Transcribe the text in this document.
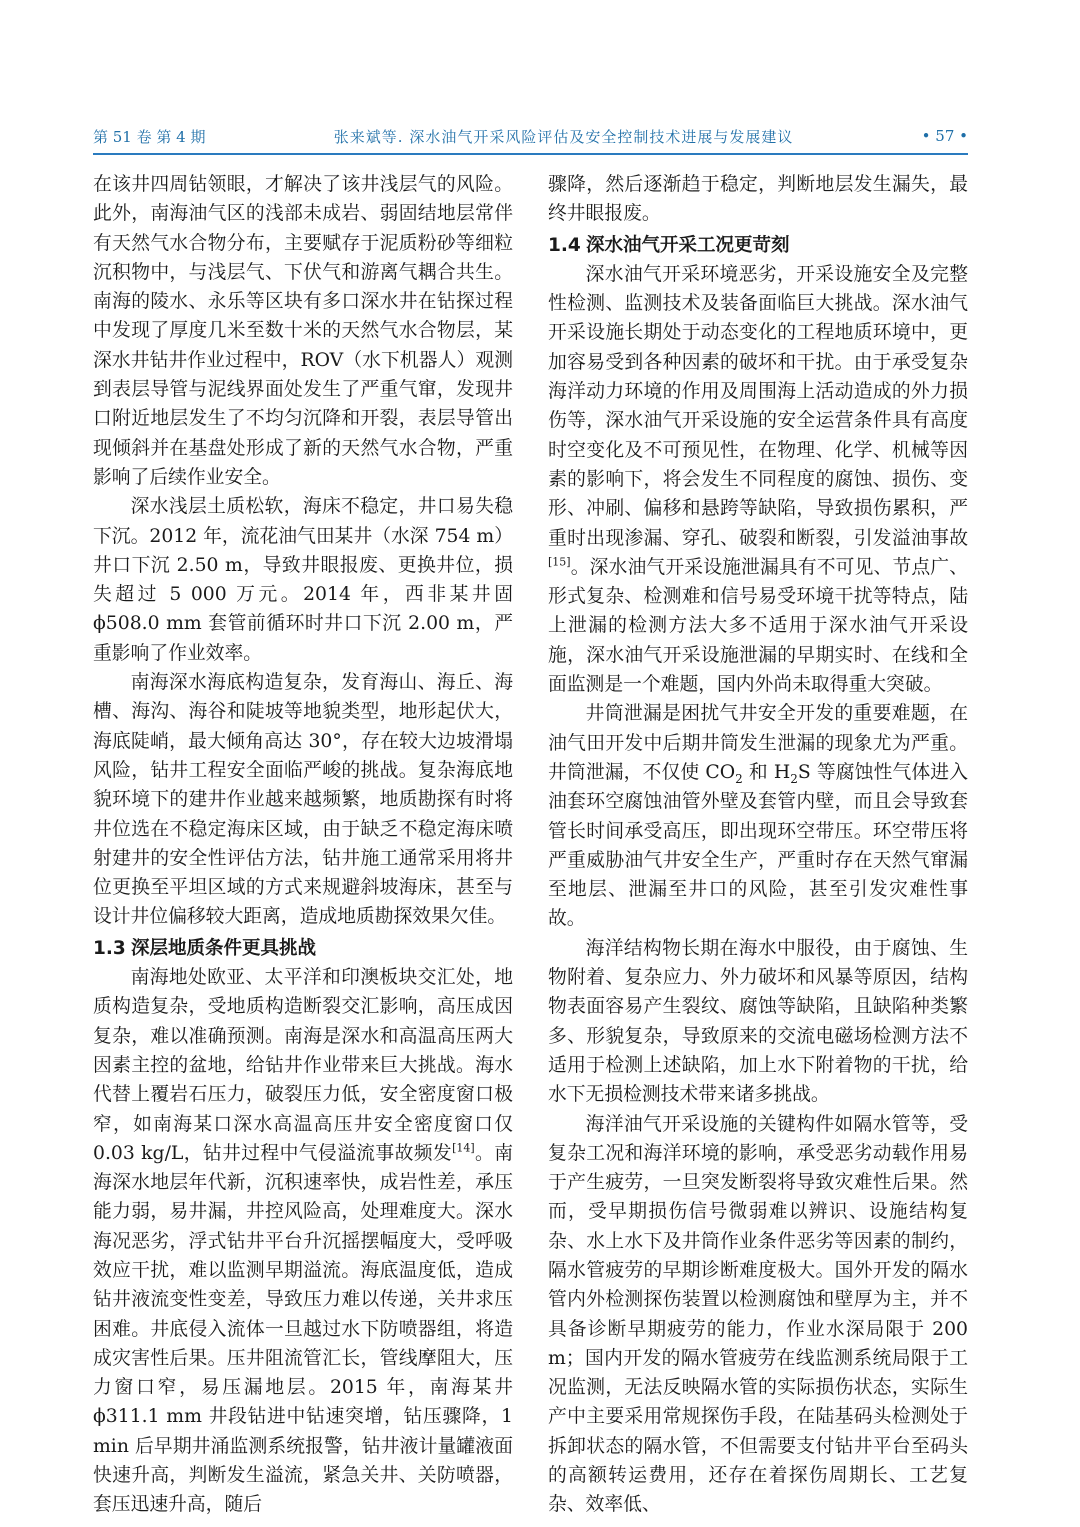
第 51 卷 第 4 期	张来斌等. 深水油气开采风险评估及安全控制技术进展与发展建议	• 57 •

在该井四周钻领眼，才解决了该井浅层气的风险。此外，南海油气区的浅部未成岩、弱固结地层常伴有天然气水合物分布，主要赋存于泥质粉砂等细粒沉积物中，与浅层气、下伏气和游离气耦合共生。南海的陵水、永乐等区块有多口深水井在钻探过程中发现了厚度几米至数十米的天然气水合物层，某深水井钻井作业过程中，ROV（水下机器人）观测到表层导管与泥线界面处发生了严重气窜，发现井口附近地层发生了不均匀沉降和开裂，表层导管出现倾斜并在基盘处形成了新的天然气水合物，严重影响了后续作业安全。

深水浅层土质松软，海床不稳定，井口易失稳下沉。2012 年，流花油气田某井（水深 754 m）井口下沉 2.50 m，导致井眼报废、更换井位，损失超过 5 000 万元。2014 年，西非某井固 ϕ508.0 mm 套管前循环时井口下沉 2.00 m，严重影响了作业效率。

南海深水海底构造复杂，发育海山、海丘、海槽、海沟、海谷和陡坡等地貌类型，地形起伏大，海底陡峭，最大倾角高达 30°，存在较大边坡滑塌风险，钻井工程安全面临严峻的挑战。复杂海底地貌环境下的建井作业越来越频繁，地质勘探有时将井位选在不稳定海床区域，由于缺乏不稳定海床喷射建井的安全性评估方法，钻井施工通常采用将井位更换至平坦区域的方式来规避斜坡海床，甚至与设计井位偏移较大距离，造成地质勘探效果欠佳。

1.3 深层地质条件更具挑战

南海地处欧亚、太平洋和印澳板块交汇处，地质构造复杂，受地质构造断裂交汇影响，高压成因复杂，难以准确预测。南海是深水和高温高压两大因素主控的盆地，给钻井作业带来巨大挑战。海水代替上覆岩石压力，破裂压力低，安全密度窗口极窄，如南海某口深水高温高压井安全密度窗口仅 0.03 kg/L，钻井过程中气侵溢流事故频发[14]。南海深水地层年代新，沉积速率快，成岩性差，承压能力弱，易井漏，井控风险高，处理难度大。深水海况恶劣，浮式钻井平台升沉摇摆幅度大，受呼吸效应干扰，难以监测早期溢流。海底温度低，造成钻井液流变性变差，导致压力难以传递，关井求压困难。井底侵入流体一旦越过水下防喷器组，将造成灾害性后果。压井阻流管汇长，管线摩阻大，压力窗口窄，易压漏地层。2015 年，南海某井 ϕ311.1 mm 井段钻进中钻速突增，钻压骤降，1 min 后早期井涌监测系统报警，钻井液计量罐液面快速升高，判断发生溢流，紧急关井、关防喷器，套压迅速升高，随后

骤降，然后逐渐趋于稳定，判断地层发生漏失，最终井眼报废。

1.4 深水油气开采工况更苛刻

深水油气开采环境恶劣，开采设施安全及完整性检测、监测技术及装备面临巨大挑战。深水油气开采设施长期处于动态变化的工程地质环境中，更加容易受到各种因素的破坏和干扰。由于承受复杂海洋动力环境的作用及周围海上活动造成的外力损伤等，深水油气开采设施的安全运营条件具有高度时空变化及不可预见性，在物理、化学、机械等因素的影响下，将会发生不同程度的腐蚀、损伤、变形、冲刷、偏移和悬跨等缺陷，导致损伤累积，严重时出现渗漏、穿孔、破裂和断裂，引发溢油事故[15]。深水油气开采设施泄漏具有不可见、节点广、形式复杂、检测难和信号易受环境干扰等特点，陆上泄漏的检测方法大多不适用于深水油气开采设施，深水油气开采设施泄漏的早期实时、在线和全面监测是一个难题，国内外尚未取得重大突破。

井筒泄漏是困扰气井安全开发的重要难题，在油气田开发中后期井筒发生泄漏的现象尤为严重。井筒泄漏，不仅使 $CO_2$ 和 $H_2S$ 等腐蚀性气体进入油套环空腐蚀油管外壁及套管内壁，而且会导致套管长时间承受高压，即出现环空带压。环空带压将严重威胁油气井安全生产，严重时存在天然气窜漏至地层、泄漏至井口的风险，甚至引发灾难性事故。

海洋结构物长期在海水中服役，由于腐蚀、生物附着、复杂应力、外力破坏和风暴等原因，结构物表面容易产生裂纹、腐蚀等缺陷，且缺陷种类繁多、形貌复杂，导致原来的交流电磁场检测方法不适用于检测上述缺陷，加上水下附着物的干扰，给水下无损检测技术带来诸多挑战。

海洋油气开采设施的关键构件如隔水管等，受复杂工况和海洋环境的影响，承受恶劣动载作用易于产生疲劳，一旦突发断裂将导致灾难性后果。然而，受早期损伤信号微弱难以辨识、设施结构复杂、水上水下及井筒作业条件恶劣等因素的制约，隔水管疲劳的早期诊断难度极大。国外开发的隔水管内外检测探伤装置以检测腐蚀和壁厚为主，并不具备诊断早期疲劳的能力，作业水深局限于 200 m；国内开发的隔水管疲劳在线监测系统局限于工况监测，无法反映隔水管的实际损伤状态，实际生产中主要采用常规探伤手段，在陆基码头检测处于拆卸状态的隔水管，不但需要支付钻井平台至码头的高额转运费用，还存在着探伤周期长、工艺复杂、效率低、
